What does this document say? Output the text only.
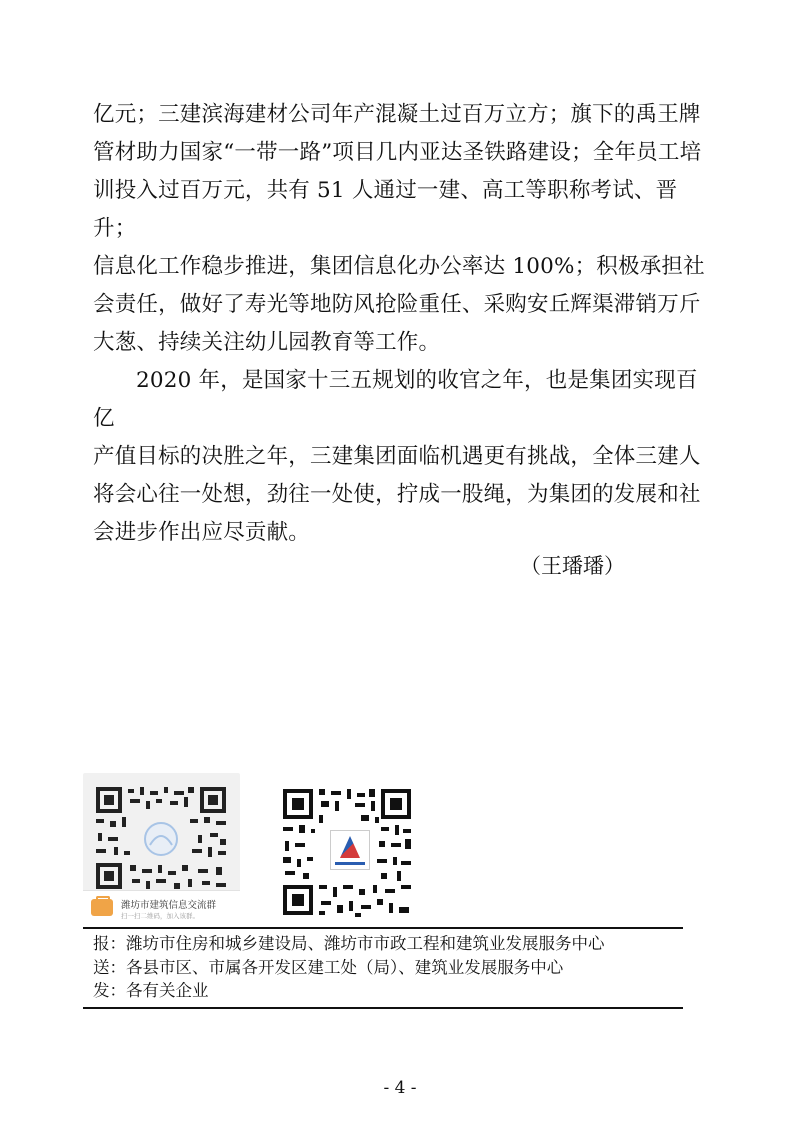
亿元；三建滨海建材公司年产混凝土过百万立方；旗下的禹王牌
管材助力国家“一带一路”项目几内亚达圣铁路建设；全年员工培
训投入过百万元，共有 51 人通过一建、高工等职称考试、晋
升；

信息化工作稳步推进，集团信息化办公率达 100%；积极承担社
会责任，做好了寿光等地防风抢险重任、采购安丘辉渠滞销万斤
大葱、持续关注幼儿园教育等工作。

2020 年，是国家十三五规划的收官之年，也是集团实现百亿
产值目标的决胜之年，三建集团面临机遇更有挑战，全体三建人
将会心往一处想，劲往一处使，拧成一股绳，为集团的发展和社
会进步作出应尽贡献。

（王璠璠）
潍坊市建筑信息交流群
扫一扫二维码，加入该群。

报：潍坊市住房和城乡建设局、潍坊市市政工程和建筑业发展服务中心

送：各县市区、市属各开发区建工处（局）、建筑业发展服务中心

发：各有关企业

- 4 -
